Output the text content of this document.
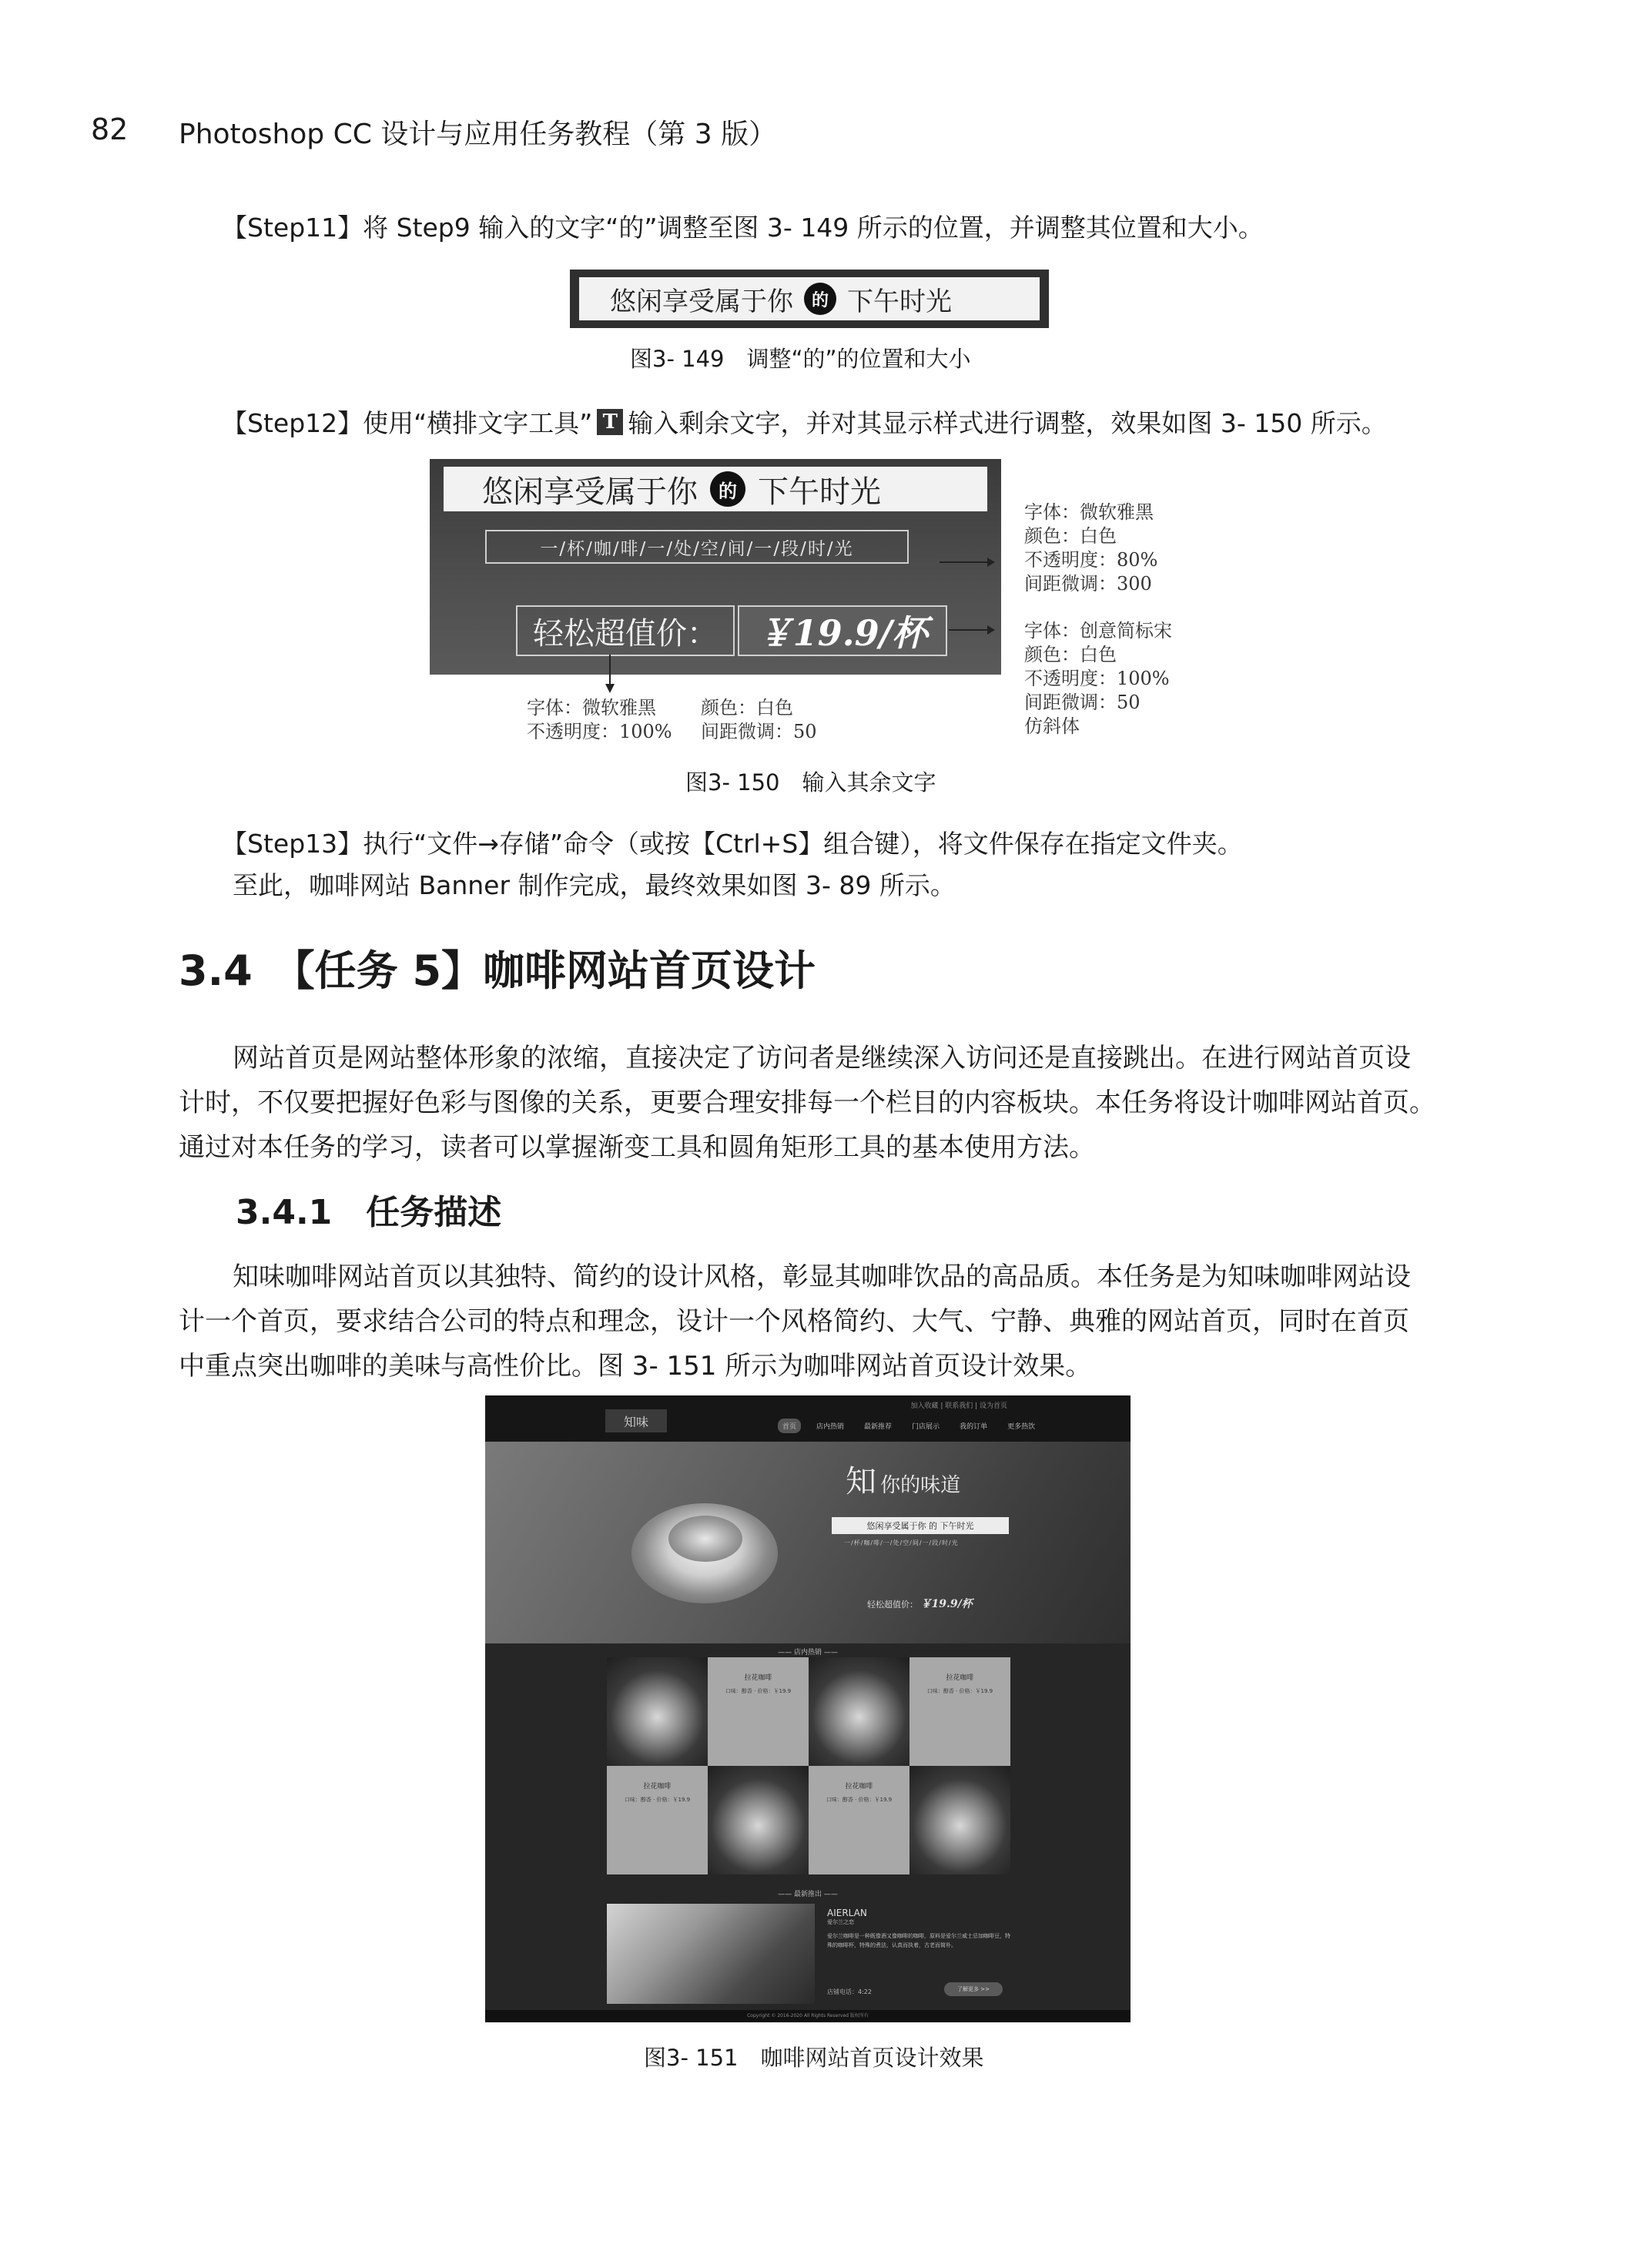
82 Photoshop CC 设计与应用任务教程（第 3 版）
【Step11】将 Step9 输入的文字“的”调整至图 3- 149 所示的位置，并调整其位置和大小。
悠闲享受属于你	的 下午时光
图3- 149　调整“的”的位置和大小
【Step12】使用“横排文字工具” T 输入剩余文字，并对其显示样式进行调整，效果如图 3- 150 所示。
悠闲享受属于你	的 下午时光
一/杯/咖/啡/一/处/空/间/一/段/时/光
轻松超值价：	￥19.9/杯
字体：微软雅黑
颜色：白色
不透明度：80%
间距微调：300
字体：创意简标宋
颜色：白色
不透明度：100%
间距微调：50
仿斜体
字体：微软雅黑
不透明度：100%
颜色：白色
间距微调：50
图3- 150　输入其余文字
【Step13】执行“文件→存储”命令（或按【Ctrl+S】组合键），将文件保存在指定文件夹。
至此，咖啡网站 Banner 制作完成，最终效果如图 3- 89 所示。
3.4　【任务 5】咖啡网站首页设计
网站首页是网站整体形象的浓缩，直接决定了访问者是继续深入访问还是直接跳出。在进行网站首页设
计时，不仅要把握好色彩与图像的关系，更要合理安排每一个栏目的内容板块。本任务将设计咖啡网站首页。
通过对本任务的学习，读者可以掌握渐变工具和圆角矩形工具的基本使用方法。
3.4.1　任务描述
知味咖啡网站首页以其独特、简约的设计风格，彰显其咖啡饮品的高品质。本任务是为知味咖啡网站设
计一个首页，要求结合公司的特点和理念，设计一个风格简约、大气、宁静、典雅的网站首页，同时在首页
中重点突出咖啡的美味与高性价比。图 3- 151 所示为咖啡网站首页设计效果。
加入收藏 | 联系我们 | 设为首页
知味	首页	店内热销	最新推荐	门店展示	我的订单	更多热饮
知 你的味道
悠闲享受属于你 的 下午时光
一/杯/咖/啡/一/处/空/间/一/段/时/光
轻松超值价： ￥19.9/杯
—— 店内热销 ——
拉花咖啡
口味：醇香 · 价格：￥19.9
拉花咖啡
口味：醇香 · 价格：￥19.9
拉花咖啡
口味：醇香 · 价格：￥19.9
拉花咖啡
口味：醇香 · 价格：￥19.9
—— 最新推出 ——
AIERLAN
爱尔兰之恋
爱尔兰咖啡是一种既像酒又像咖啡的咖啡，原料是爱尔兰威士忌加咖啡豆，特殊的咖啡杯，特殊的煮法，认真而执着，古老而简朴。
店铺电话：4:22	了解更多 >>
Copyright © 2016-2020 All Rights Reserved 版权所有
图3- 151　咖啡网站首页设计效果
